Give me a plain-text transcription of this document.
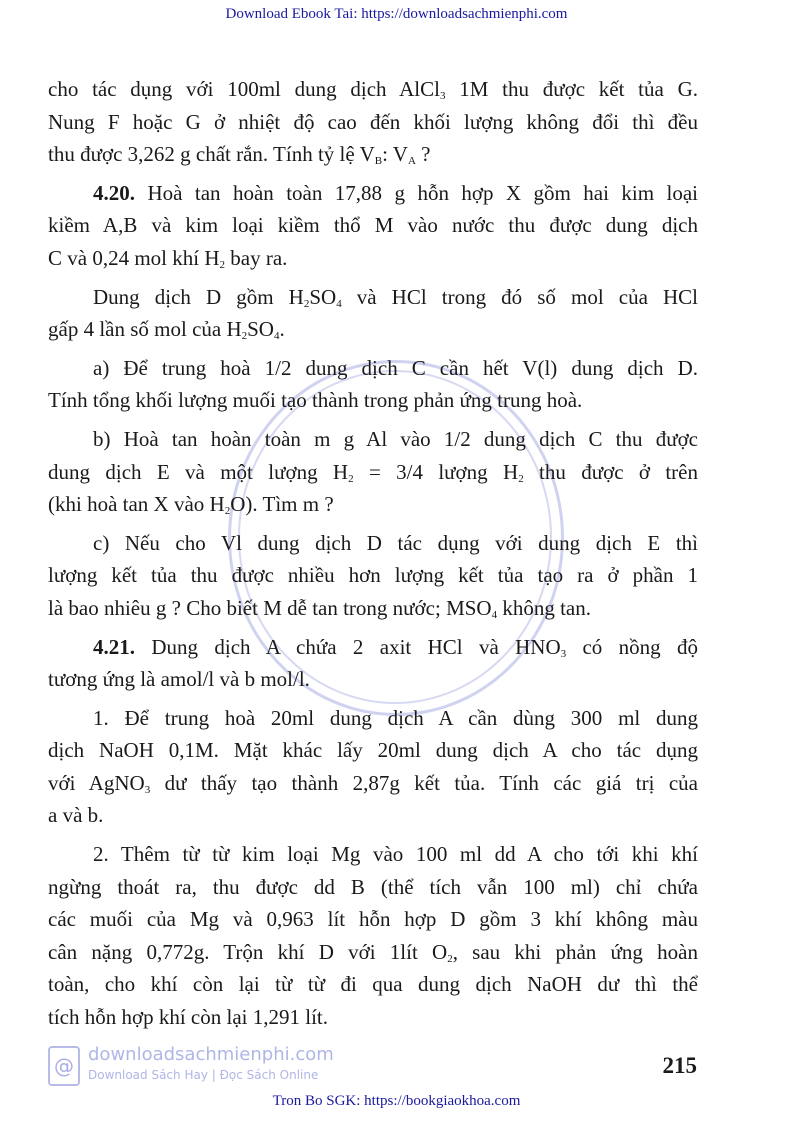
Download Ebook Tai: https://downloadsachmienphi.com
cho tác dụng với 100ml dung dịch AlCl$_3$ 1M thu được kết tủa G.
Nung F hoặc G ở nhiệt độ cao đến khối lượng không đổi thì đều
thu được 3,262 g chất rắn. Tính tỷ lệ $V_B$: $V_A$ ?
4.20. Hoà tan hoàn toàn 17,88 g hỗn hợp X gồm hai kim loại
kiềm A,B và kim loại kiềm thổ M vào nước thu được dung dịch
C và 0,24 mol khí $H_2$ bay ra.
Dung dịch D gồm $H_2SO_4$ và HCl trong đó số mol của HCl
gấp 4 lần số mol của $H_2SO_4$.
a) Để trung hoà 1/2 dung dịch C cần hết V(l) dung dịch D.
Tính tổng khối lượng muối tạo thành trong phản ứng trung hoà.
b) Hoà tan hoàn toàn m g Al vào 1/2 dung dịch C thu được
dung dịch E và một lượng $H_2 = 3/4$ lượng $H_2$ thu được ở trên
(khi hoà tan X vào $H_2O$). Tìm m ?
c) Nếu cho Vl dung dịch D tác dụng với dung dịch E thì
lượng kết tủa thu được nhiều hơn lượng kết tủa tạo ra ở phần 1
là bao nhiêu g ? Cho biết M dễ tan trong nước; $MSO_4$ không tan.
4.21. Dung dịch A chứa 2 axit HCl và $HNO_3$ có nồng độ
tương ứng là amol/l và b mol/l.
1. Để trung hoà 20ml dung dịch A cần dùng 300 ml dung
dịch NaOH 0,1M. Mặt khác lấy 20ml dung dịch A cho tác dụng
với AgNO$_3$ dư thấy tạo thành 2,87g kết tủa. Tính các giá trị của
a và b.
2. Thêm từ từ kim loại Mg vào 100 ml dd A cho tới khi khí
ngừng thoát ra, thu được dd B (thể tích vẫn 100 ml) chỉ chứa
các muối của Mg và 0,963 lít hỗn hợp D gồm 3 khí không màu
cân nặng 0,772g. Trộn khí D với 1lít $O_2$, sau khi phản ứng hoàn
toàn, cho khí còn lại từ từ đi qua dung dịch NaOH dư thì thể
tích hỗn hợp khí còn lại 1,291 lít.
@ downloadsachmienphi.com
Download Sách Hay | Đọc Sách Online	215
Tron Bo SGK: https://bookgiaokhoa.com
